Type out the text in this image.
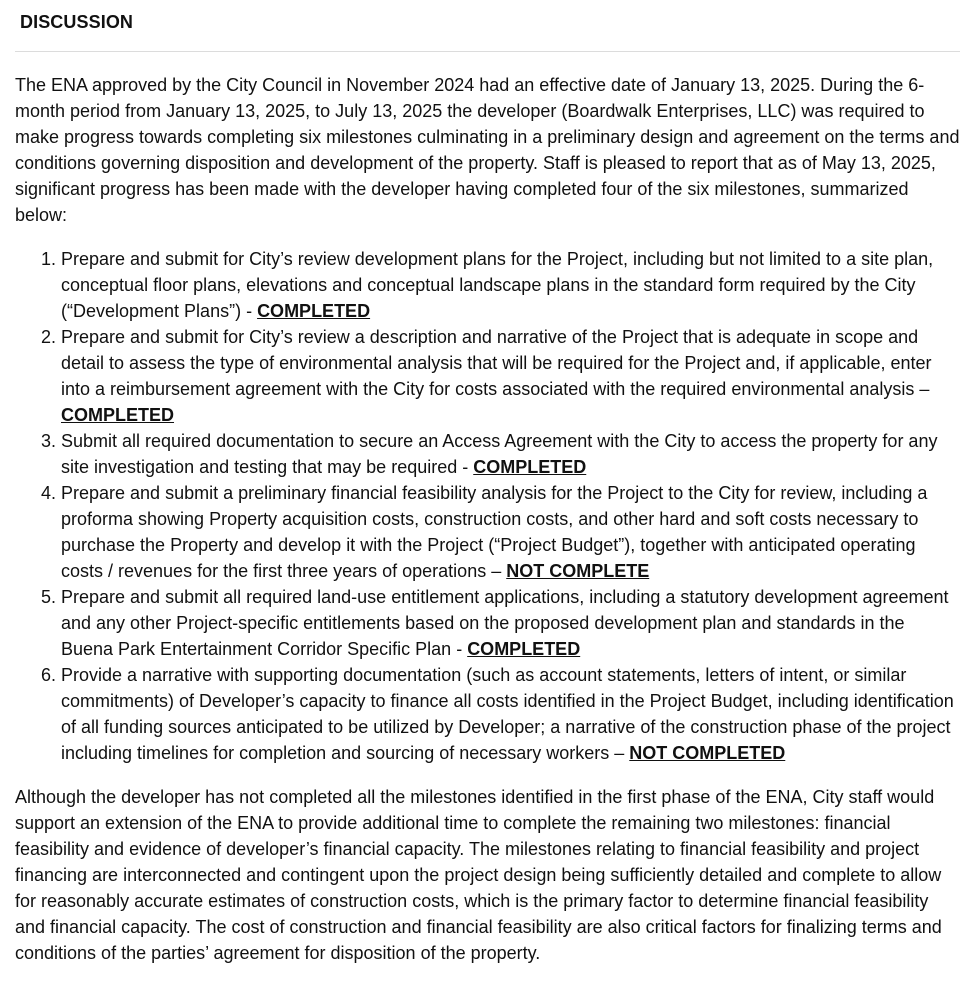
DISCUSSION

The ENA approved by the City Council in November 2024 had an effective date of January 13, 2025. During the 6-month period from January 13, 2025, to July 13, 2025 the developer (Boardwalk Enterprises, LLC) was required to make progress towards completing six milestones culminating in a preliminary design and agreement on the terms and conditions governing disposition and development of the property. Staff is pleased to report that as of May 13, 2025, significant progress has been made with the developer having completed four of the six milestones, summarized below:

1. Prepare and submit for City’s review development plans for the Project, including but not limited to a site plan, conceptual floor plans, elevations and conceptual landscape plans in the standard form required by the City (“Development Plans”) - COMPLETED
2. Prepare and submit for City’s review a description and narrative of the Project that is adequate in scope and detail to assess the type of environmental analysis that will be required for the Project and, if applicable, enter into a reimbursement agreement with the City for costs associated with the required environmental analysis – COMPLETED
3. Submit all required documentation to secure an Access Agreement with the City to access the property for any site investigation and testing that may be required - COMPLETED
4. Prepare and submit a preliminary financial feasibility analysis for the Project to the City for review, including a proforma showing Property acquisition costs, construction costs, and other hard and soft costs necessary to purchase the Property and develop it with the Project (“Project Budget”), together with anticipated operating costs / revenues for the first three years of operations – NOT COMPLETE
5. Prepare and submit all required land-use entitlement applications, including a statutory development agreement and any other Project-specific entitlements based on the proposed development plan and standards in the Buena Park Entertainment Corridor Specific Plan - COMPLETED
6. Provide a narrative with supporting documentation (such as account statements, letters of intent, or similar commitments) of Developer’s capacity to finance all costs identified in the Project Budget, including identification of all funding sources anticipated to be utilized by Developer; a narrative of the construction phase of the project including timelines for completion and sourcing of necessary workers – NOT COMPLETED

Although the developer has not completed all the milestones identified in the first phase of the ENA, City staff would support an extension of the ENA to provide additional time to complete the remaining two milestones: financial feasibility and evidence of developer’s financial capacity. The milestones relating to financial feasibility and project financing are interconnected and contingent upon the project design being sufficiently detailed and complete to allow for reasonably accurate estimates of construction costs, which is the primary factor to determine financial feasibility and financial capacity. The cost of construction and financial feasibility are also critical factors for finalizing terms and conditions of the parties’ agreement for disposition of the property.
